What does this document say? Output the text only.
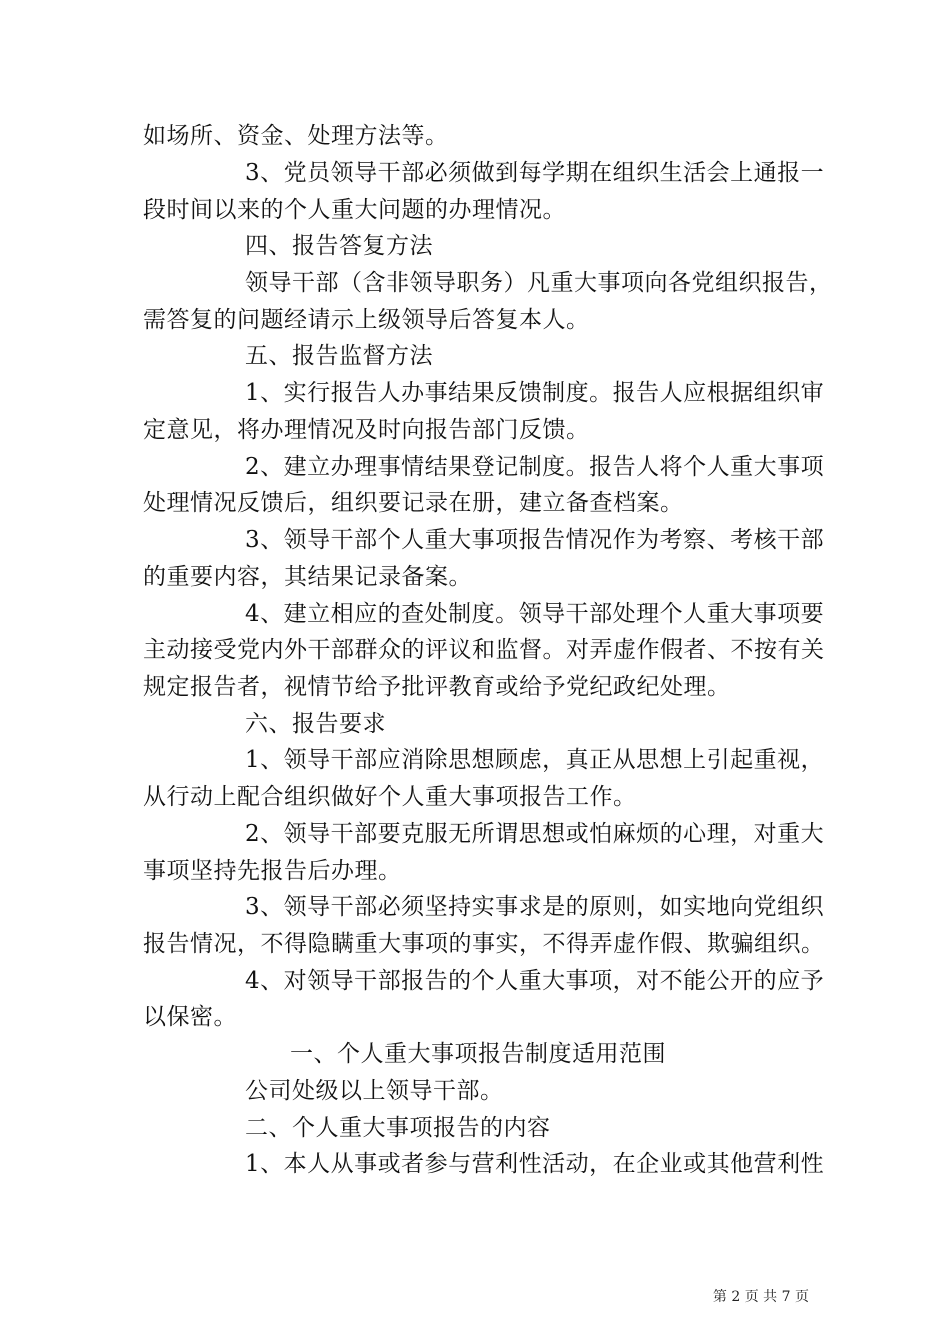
如场所、资金、处理方法等。
3、党员领导干部必须做到每学期在组织生活会上通报一
段时间以来的个人重大问题的办理情况。
四、报告答复方法
领导干部（含非领导职务）凡重大事项向各党组织报告，
需答复的问题经请示上级领导后答复本人。
五、报告监督方法
1、实行报告人办事结果反馈制度。报告人应根据组织审
定意见，将办理情况及时向报告部门反馈。
2、建立办理事情结果登记制度。报告人将个人重大事项
处理情况反馈后，组织要记录在册，建立备查档案。
3、领导干部个人重大事项报告情况作为考察、考核干部
的重要内容，其结果记录备案。
4、建立相应的查处制度。领导干部处理个人重大事项要
主动接受党内外干部群众的评议和监督。对弄虚作假者、不按有关
规定报告者，视情节给予批评教育或给予党纪政纪处理。
六、报告要求
1、领导干部应消除思想顾虑，真正从思想上引起重视，
从行动上配合组织做好个人重大事项报告工作。
2、领导干部要克服无所谓思想或怕麻烦的心理，对重大
事项坚持先报告后办理。
3、领导干部必须坚持实事求是的原则，如实地向党组织
报告情况，不得隐瞒重大事项的事实，不得弄虚作假、欺骗组织。
4、对领导干部报告的个人重大事项，对不能公开的应予
以保密。
一、个人重大事项报告制度适用范围
公司处级以上领导干部。
二、个人重大事项报告的内容
1、本人从事或者参与营利性活动，在企业或其他营利性
第 2 页 共 7 页
